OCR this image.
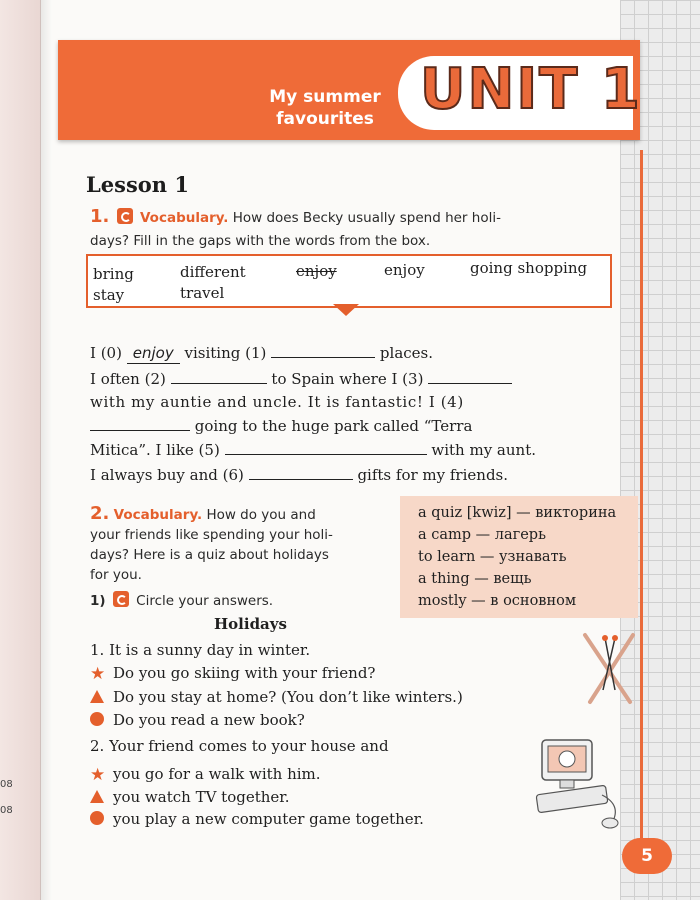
08
08
My summer
favourites UNIT 1
Lesson 1
1. Vocabulary. How does Becky usually spend her holi-
days? Fill in the gaps with the words from the box.
bring	different	enjoy	enjoy	going shopping
stay	travel
I (0) enjoy visiting (1)	places.
I often (2)	to Spain where I (3)
with my auntie and uncle. It is fantastic! I (4)
going to the huge park called “Terra
Mitica”. I like (5)	with my aunt.
I always buy and (6)	gifts for my friends.
2. Vocabulary. How do you and
your friends like spending your holi-
days? Here is a quiz about holidays
for you.
1) Circle your answers.
a quiz [kwiz] — викторина
a camp — лагерь
to learn — узнавать
a thing — вещь
mostly — в основном
Holidays
1. It is a sunny day in winter.
★ Do you go skiing with your friend?
Do you stay at home? (You don’t like winters.)
Do you read a new book?
2. Your friend comes to your house and
★ you go for a walk with him.
you watch TV together.
you play a new computer game together.
5
